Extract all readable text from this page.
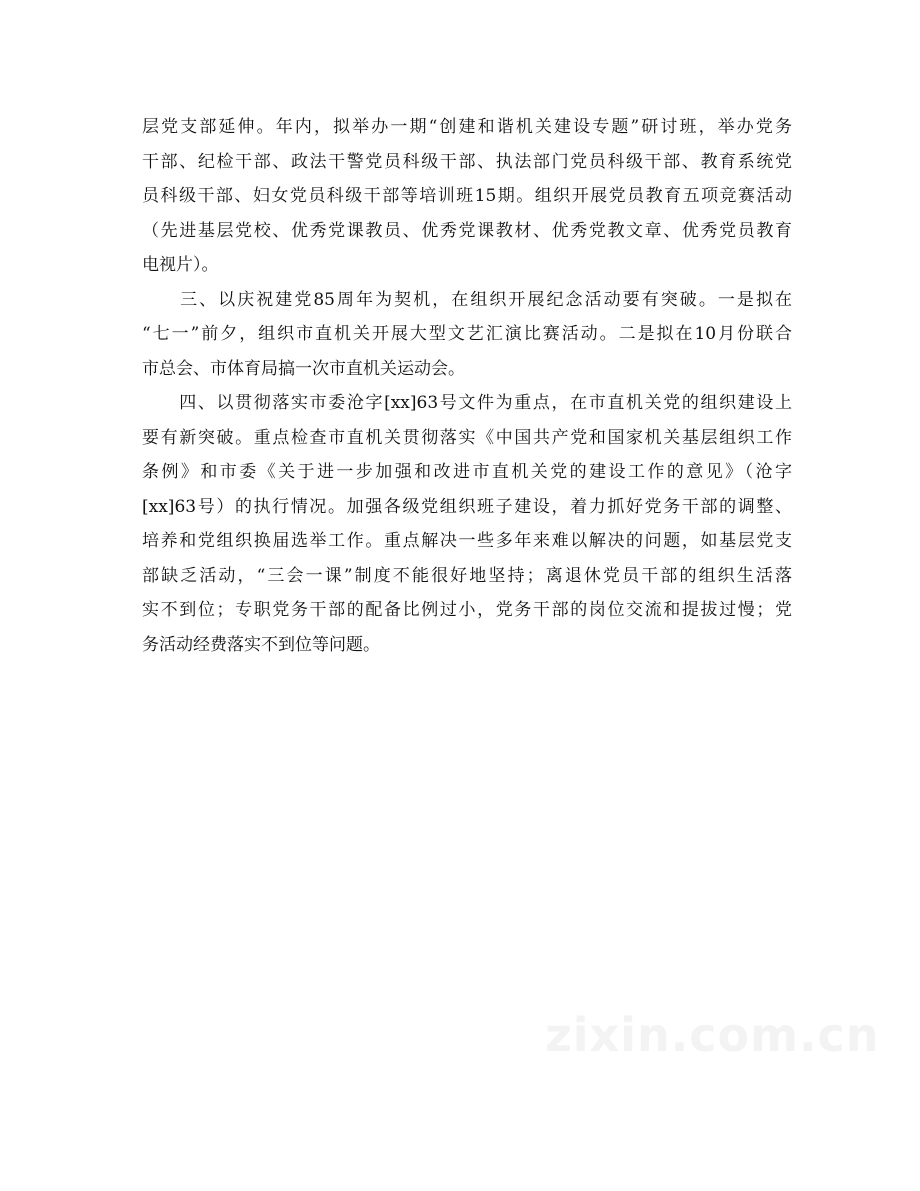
层党支部延伸。年内，拟举办一期“创建和谐机关建设专题”研讨班，举办党务
干部、纪检干部、政法干警党员科级干部、执法部门党员科级干部、教育系统党
员科级干部、妇女党员科级干部等培训班15期。组织开展党员教育五项竞赛活动
（先进基层党校、优秀党课教员、优秀党课教材、优秀党教文章、优秀党员教育
电视片）。
　　三、以庆祝建党85周年为契机，在组织开展纪念活动要有突破。一是拟在
“七一”前夕，组织市直机关开展大型文艺汇演比赛活动。二是拟在10月份联合
市总会、市体育局搞一次市直机关运动会。
　　四、以贯彻落实市委沧字[xx]63号文件为重点，在市直机关党的组织建设上
要有新突破。重点检查市直机关贯彻落实《中国共产党和国家机关基层组织工作
条例》和市委《关于进一步加强和改进市直机关党的建设工作的意见》（沧字
[xx]63号）的执行情况。加强各级党组织班子建设，着力抓好党务干部的调整、
培养和党组织换届选举工作。重点解决一些多年来难以解决的问题，如基层党支
部缺乏活动，“三会一课”制度不能很好地坚持；离退休党员干部的组织生活落
实不到位；专职党务干部的配备比例过小，党务干部的岗位交流和提拔过慢；党
务活动经费落实不到位等问题。
zixin.com.cn
